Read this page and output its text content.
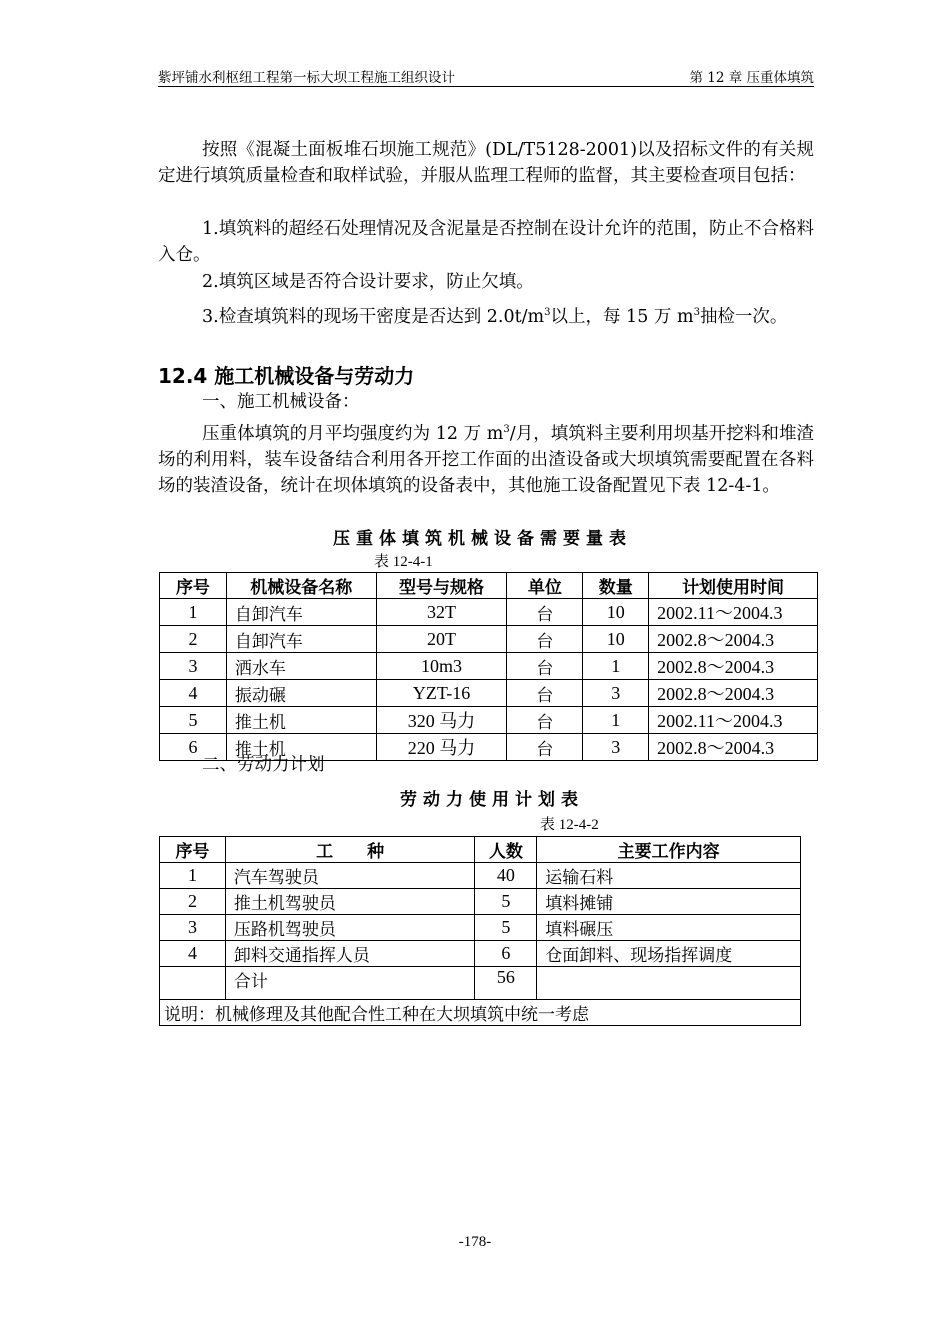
紫坪铺水利枢纽工程第一标大坝工程施工组织设计	第 12 章 压重体填筑
按照《混凝土面板堆石坝施工规范》(DL/T5128-2001)以及招标文件的有关规定进行填筑质量检查和取样试验，并服从监理工程师的监督，其主要检查项目包括：
1.填筑料的超经石处理情况及含泥量是否控制在设计允许的范围，防止不合格料入仓。
2.填筑区域是否符合设计要求，防止欠填。
3.检查填筑料的现场干密度是否达到 $2.0t/m^3$以上，每 15 万 $m^3$抽检一次。
12.4 施工机械设备与劳动力
一、施工机械设备：
压重体填筑的月平均强度约为 12 万 $m^3/$月，填筑料主要利用坝基开挖料和堆渣场的利用料，装车设备结合利用各开挖工作面的出渣设备或大坝填筑需要配置在各料场的装渣设备，统计在坝体填筑的设备表中，其他施工设备配置见下表 12-4-1。
压重体填筑机械设备需要量表
表 12-4-1
序号	机械设备名称	型号与规格	单位	数量	计划使用时间
1	自卸汽车	32T	台	10	2002.11～2004.3
2	自卸汽车	20T	台	10	2002.8～2004.3
3	洒水车	10m3	台	1	2002.8～2004.3
4	振动碾	YZT-16	台	3	2002.8～2004.3
5	推土机	320 马力	台	1	2002.11～2004.3
6	推土机	220 马力	台	3	2002.8～2004.3
二、劳动力计划
劳动力使用计划表
表 12-4-2
序号	工　　种	人数	主要工作内容
1	汽车驾驶员	40	运输石料
2	推土机驾驶员	5	填料摊铺
3	压路机驾驶员	5	填料碾压
4	卸料交通指挥人员	6	仓面卸料、现场指挥调度
	合计	56	
说明：机械修理及其他配合性工种在大坝填筑中统一考虑			
-178-
